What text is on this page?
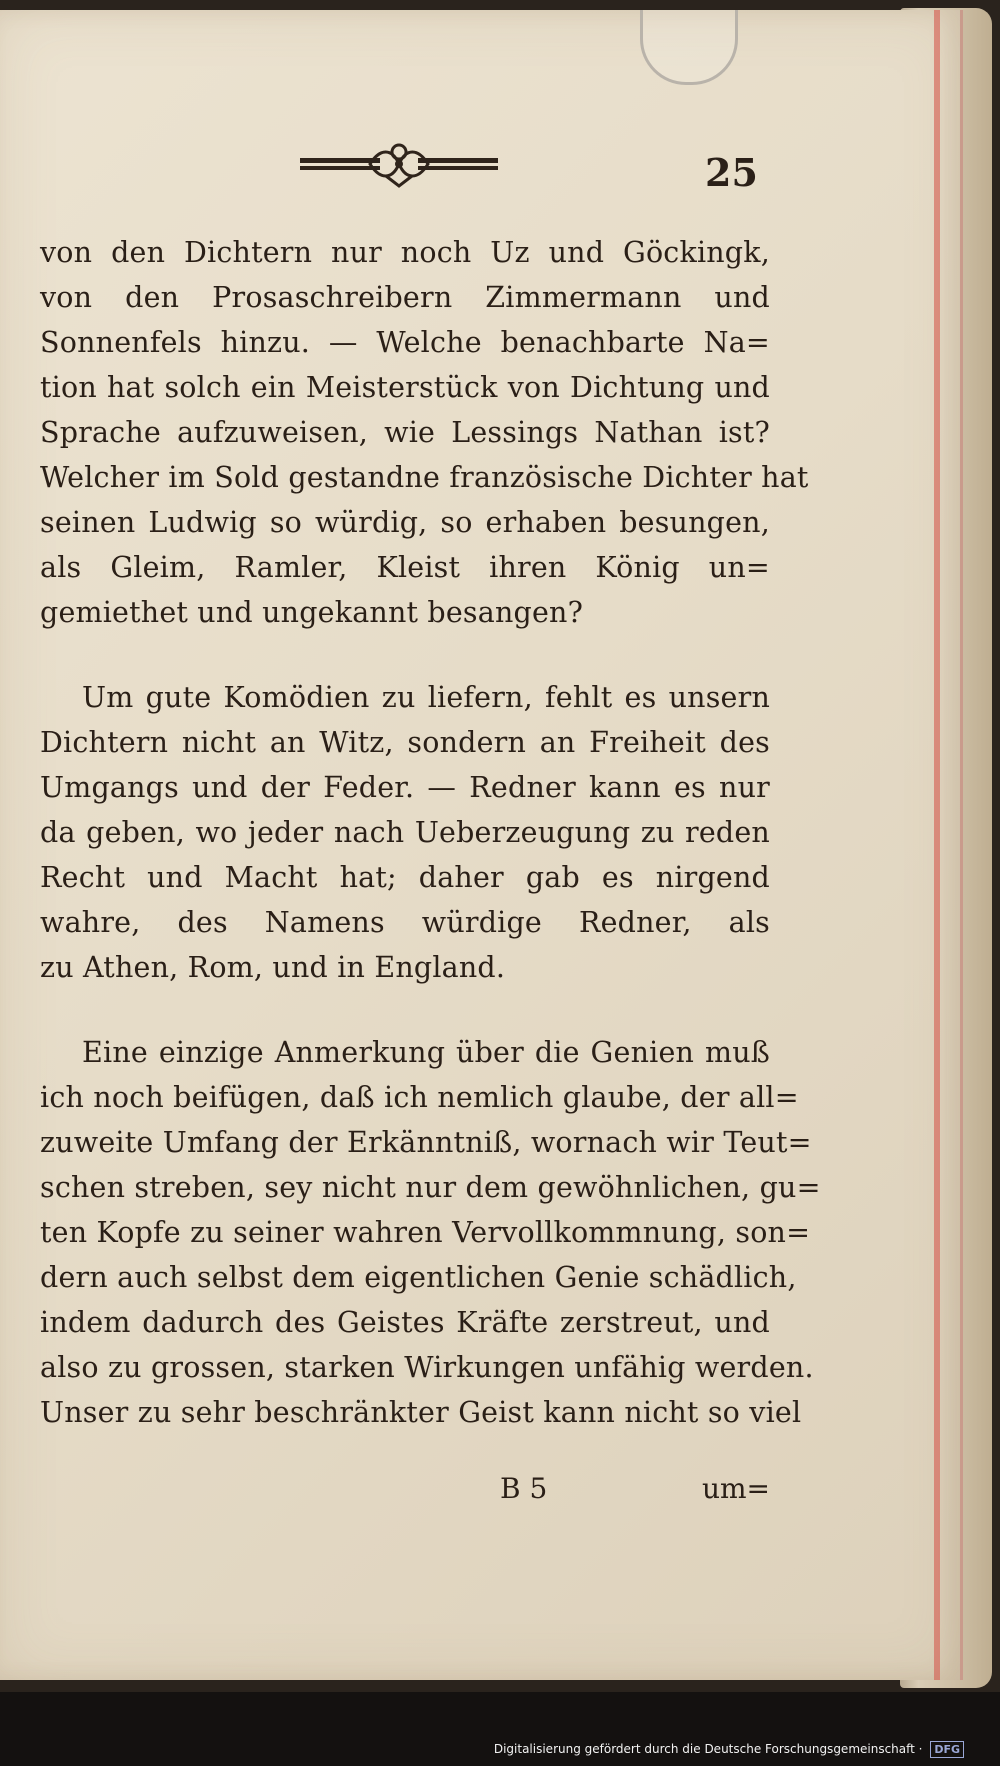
25
von den Dichtern nur noch Uz und Göckingk,
von den Prosaschreibern Zimmermann und
Sonnenfels hinzu. — Welche benachbarte Na=
tion hat solch ein Meisterstück von Dichtung und
Sprache aufzuweisen, wie Lessings Nathan ist?
Welcher im Sold gestandne französische Dichter hat
seinen Ludwig so würdig, so erhaben besungen,
als Gleim, Ramler, Kleist ihren König un=
gemiethet und ungekannt besangen?
Um gute Komödien zu liefern, fehlt es unsern
Dichtern nicht an Witz, sondern an Freiheit des
Umgangs und der Feder. — Redner kann es nur
da geben, wo jeder nach Ueberzeugung zu reden
Recht und Macht hat; daher gab es nirgend
wahre, des Namens würdige Redner, als
zu Athen, Rom, und in England.
Eine einzige Anmerkung über die Genien muß
ich noch beifügen, daß ich nemlich glaube, der all=
zuweite Umfang der Erkänntniß, wornach wir Teut=
schen streben, sey nicht nur dem gewöhnlichen, gu=
ten Kopfe zu seiner wahren Vervollkommnung, son=
dern auch selbst dem eigentlichen Genie schädlich,
indem dadurch des Geistes Kräfte zerstreut, und
also zu grossen, starken Wirkungen unfähig werden.
Unser zu sehr beschränkter Geist kann nicht so viel
B 5	um=
Digitalisierung gefördert durch die Deutsche Forschungsgemeinschaft · DFG
